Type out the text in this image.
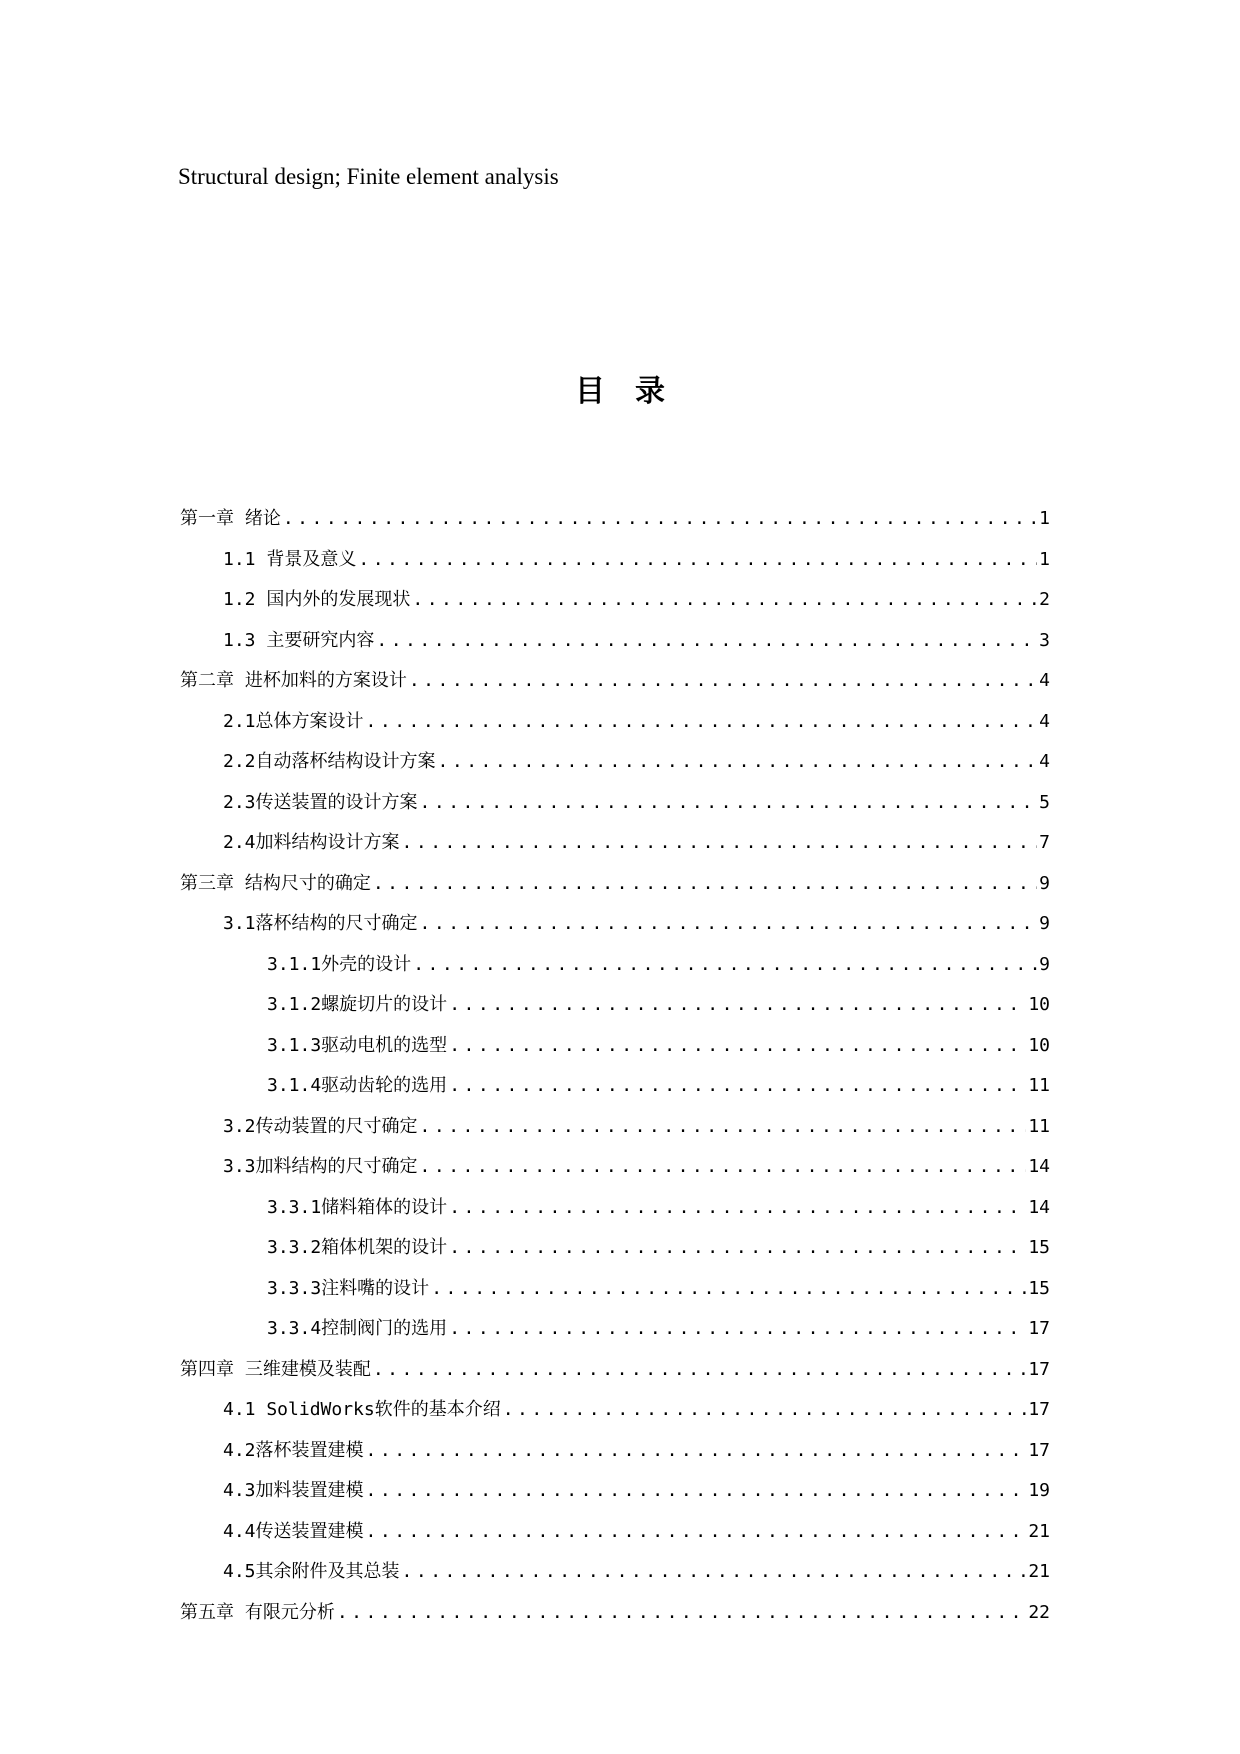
Structural design; Finite element analysis
目录
第一章 绪论 .....	1
1.1 背景及意义 .....	1
1.2 国内外的发展现状 .....	2
1.3 主要研究内容 .....	3
第二章 进杯加料的方案设计 .....	4
2.1总体方案设计 .....	4
2.2自动落杯结构设计方案 .....	4
2.3传送装置的设计方案 .....	5
2.4加料结构设计方案 .....	7
第三章 结构尺寸的确定 .....	9
3.1落杯结构的尺寸确定 .....	9
3.1.1外壳的设计 .....	9
3.1.2螺旋切片的设计 .....	10
3.1.3驱动电机的选型 .....	10
3.1.4驱动齿轮的选用 .....	11
3.2传动装置的尺寸确定 .....	11
3.3加料结构的尺寸确定 .....	14
3.3.1储料箱体的设计 .....	14
3.3.2箱体机架的设计 .....	15
3.3.3注料嘴的设计 .....	15
3.3.4控制阀门的选用 .....	17
第四章 三维建模及装配 .....	17
4.1 SolidWorks软件的基本介绍 .....	17
4.2落杯装置建模 .....	17
4.3加料装置建模 .....	19
4.4传送装置建模 .....	21
4.5其余附件及其总装 .....	21
第五章 有限元分析 .....	22
